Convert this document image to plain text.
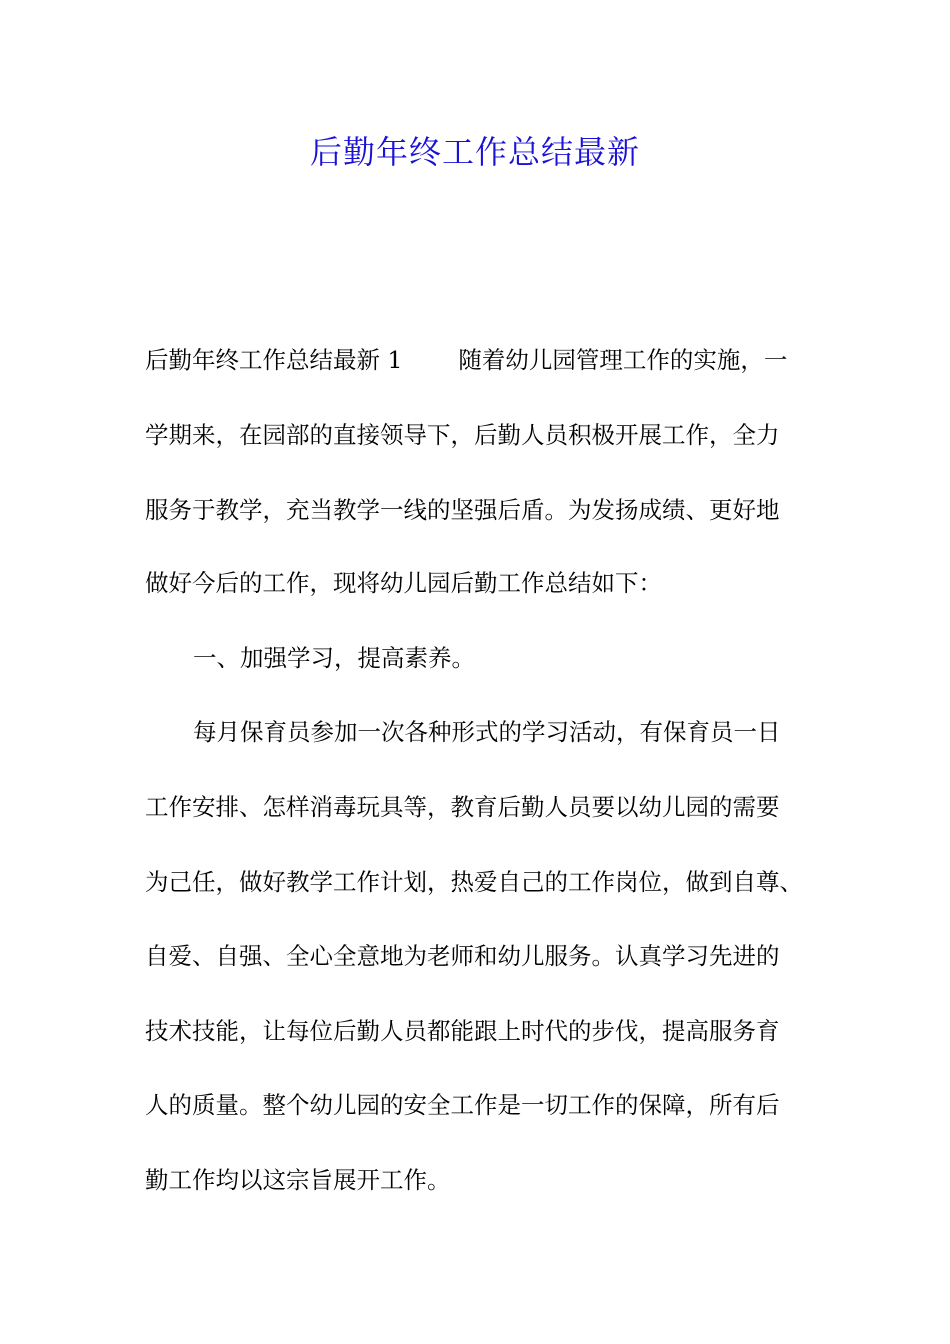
后勤年终工作总结最新
后勤年终工作总结最新 1 随着幼儿园管理工作的实施，一
学期来，在园部的直接领导下，后勤人员积极开展工作，全力
服务于教学，充当教学一线的坚强后盾。为发扬成绩、更好地
做好今后的工作，现将幼儿园后勤工作总结如下：
一、加强学习，提高素养。
每月保育员参加一次各种形式的学习活动，有保育员一日
工作安排、怎样消毒玩具等，教育后勤人员要以幼儿园的需要
为己任，做好教学工作计划，热爱自己的工作岗位，做到自尊、
自爱、自强、全心全意地为老师和幼儿服务。认真学习先进的
技术技能，让每位后勤人员都能跟上时代的步伐，提高服务育
人的质量。整个幼儿园的安全工作是一切工作的保障，所有后
勤工作均以这宗旨展开工作。
